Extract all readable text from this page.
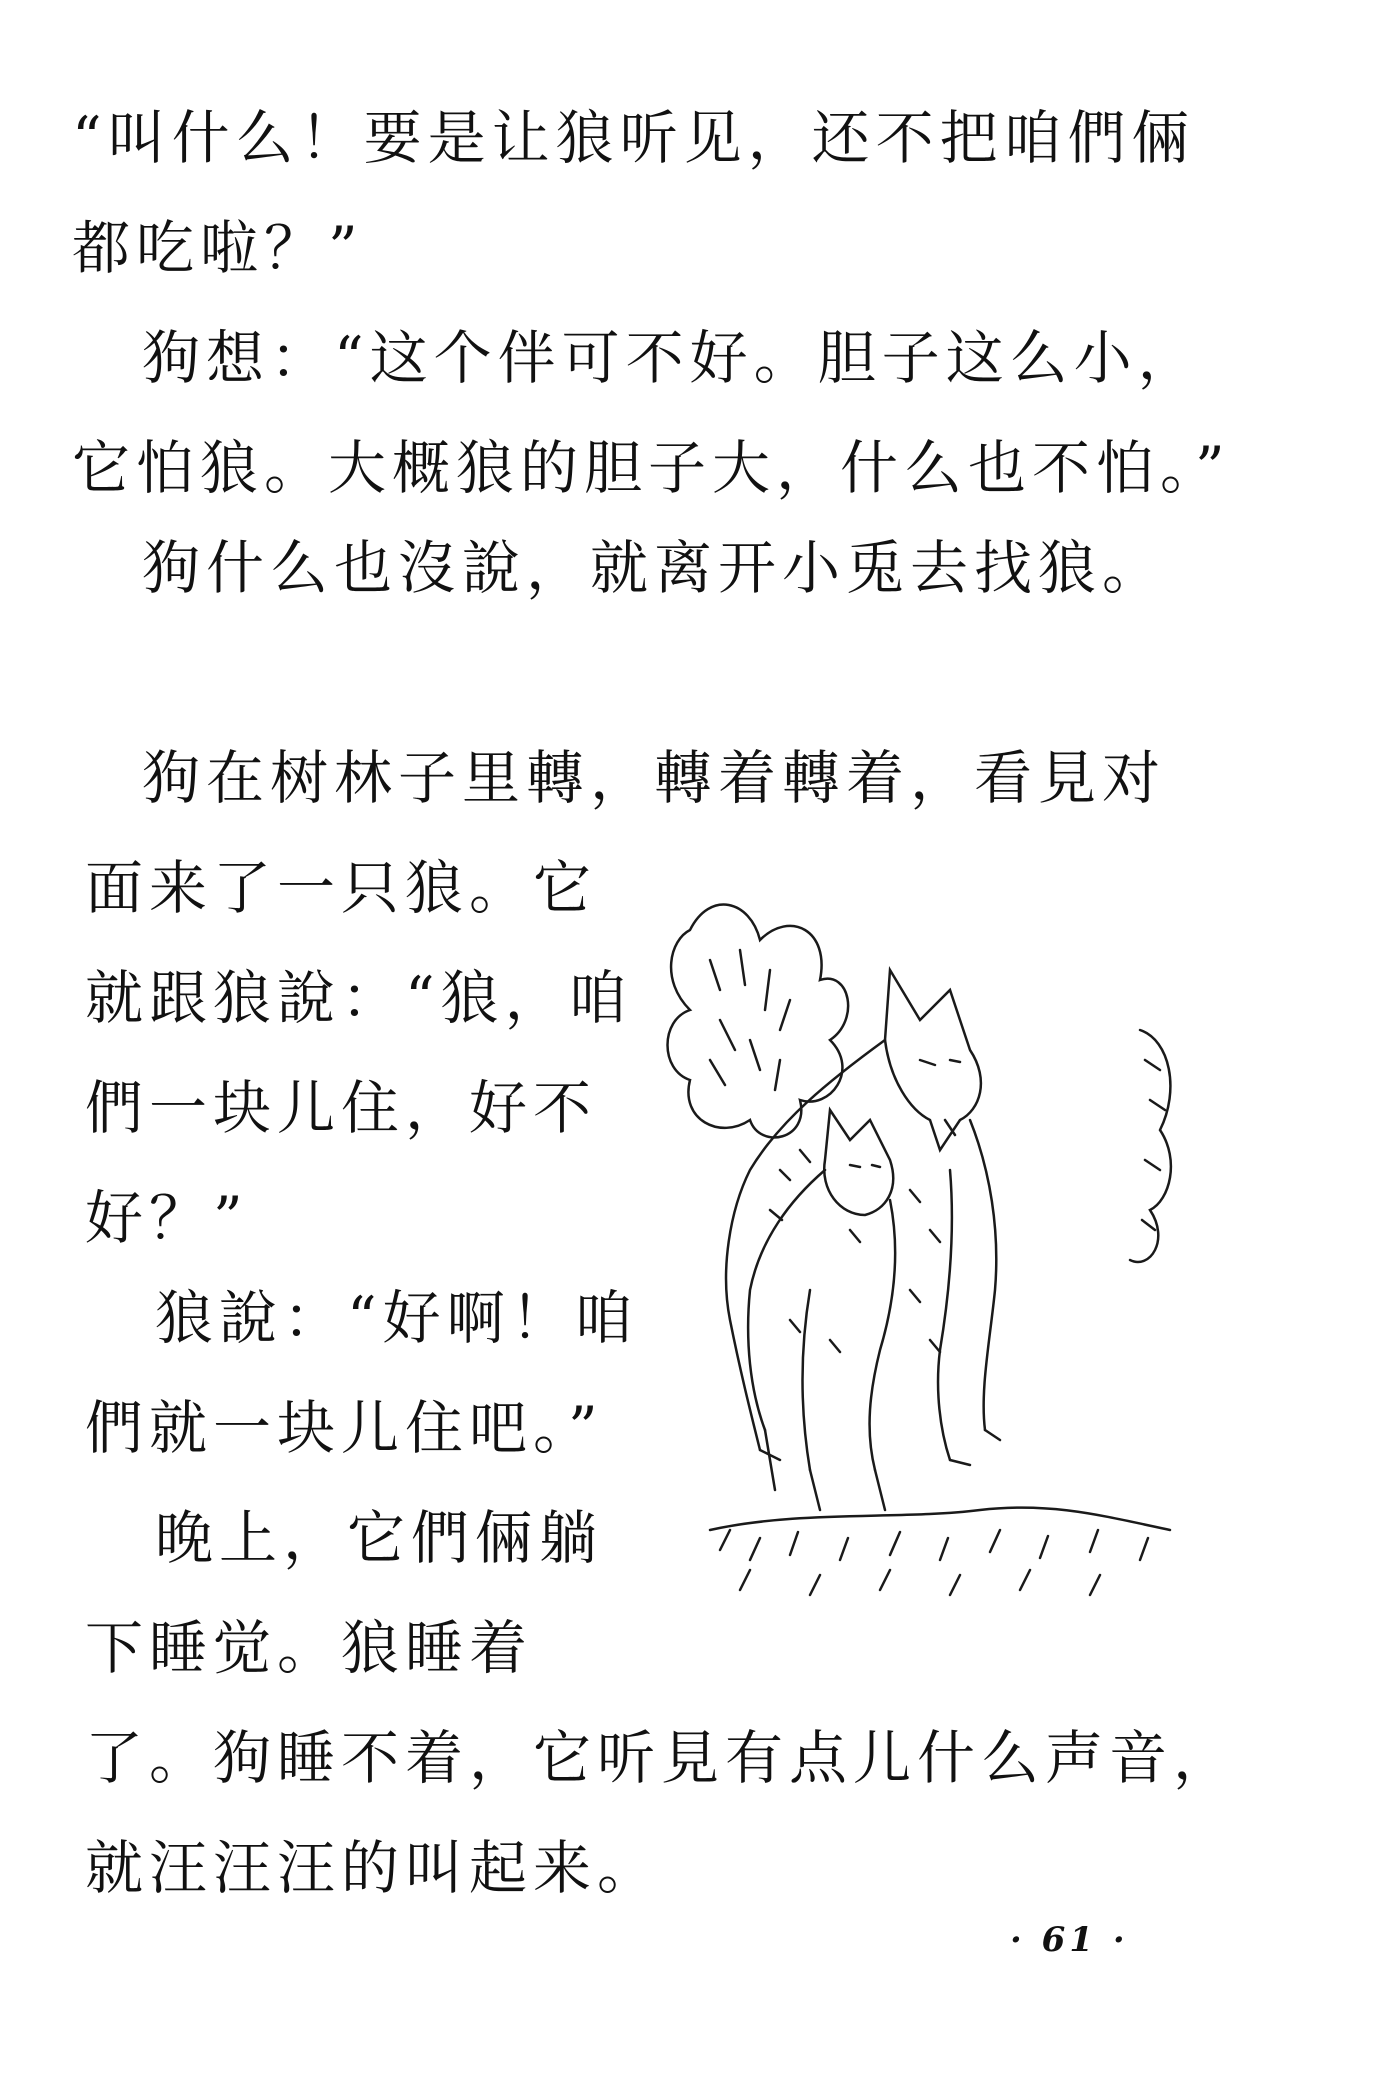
“叫什么！要是让狼听见，还不把咱們倆
都吃啦？”
狗想：“这个伴可不好。胆子这么小，
它怕狼。大概狼的胆子大，什么也不怕。”
狗什么也沒說，就离开小兎去找狼。
狗在树林子里轉，轉着轉着，看見对
面来了一只狼。它
就跟狼說：“狼，咱
們一块儿住，好不
好？”
狼說：“好啊！咱
們就一块儿住吧。”
晚上，它們倆躺
下睡觉。狼睡着
了。狗睡不着，它听見有点儿什么声音，
就汪汪汪的叫起来。
· 61 ·
